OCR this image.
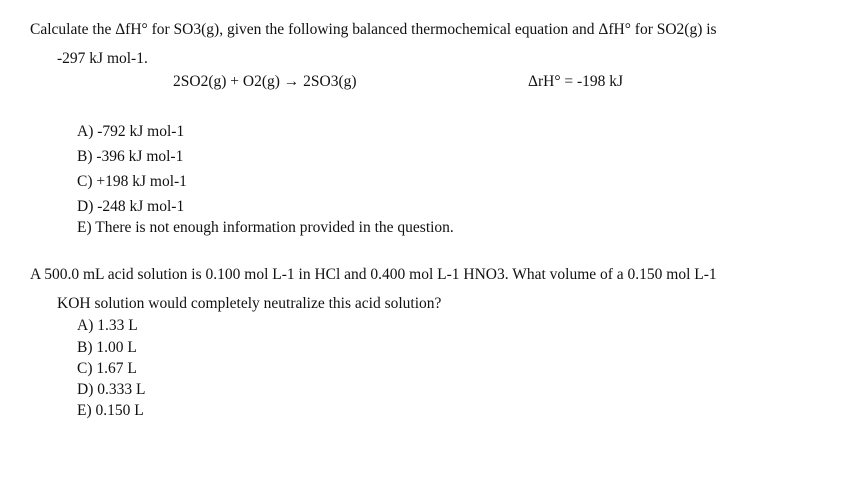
Calculate the ΔfH° for SO3(g), given the following balanced thermochemical equation and ΔfH° for SO2(g) is
-297 kJ mol-1.
2SO2(g) + O2(g) → 2SO3(g)	ΔrH° = -198 kJ
A) -792 kJ mol-1
B) -396 kJ mol-1
C) +198 kJ mol-1
D) -248 kJ mol-1
E) There is not enough information provided in the question.
A 500.0 mL acid solution is 0.100 mol L-1 in HCl and 0.400 mol L-1 HNO3. What volume of a 0.150 mol L-1
KOH solution would completely neutralize this acid solution?
A) 1.33 L
B) 1.00 L
C) 1.67 L
D) 0.333 L
E) 0.150 L
